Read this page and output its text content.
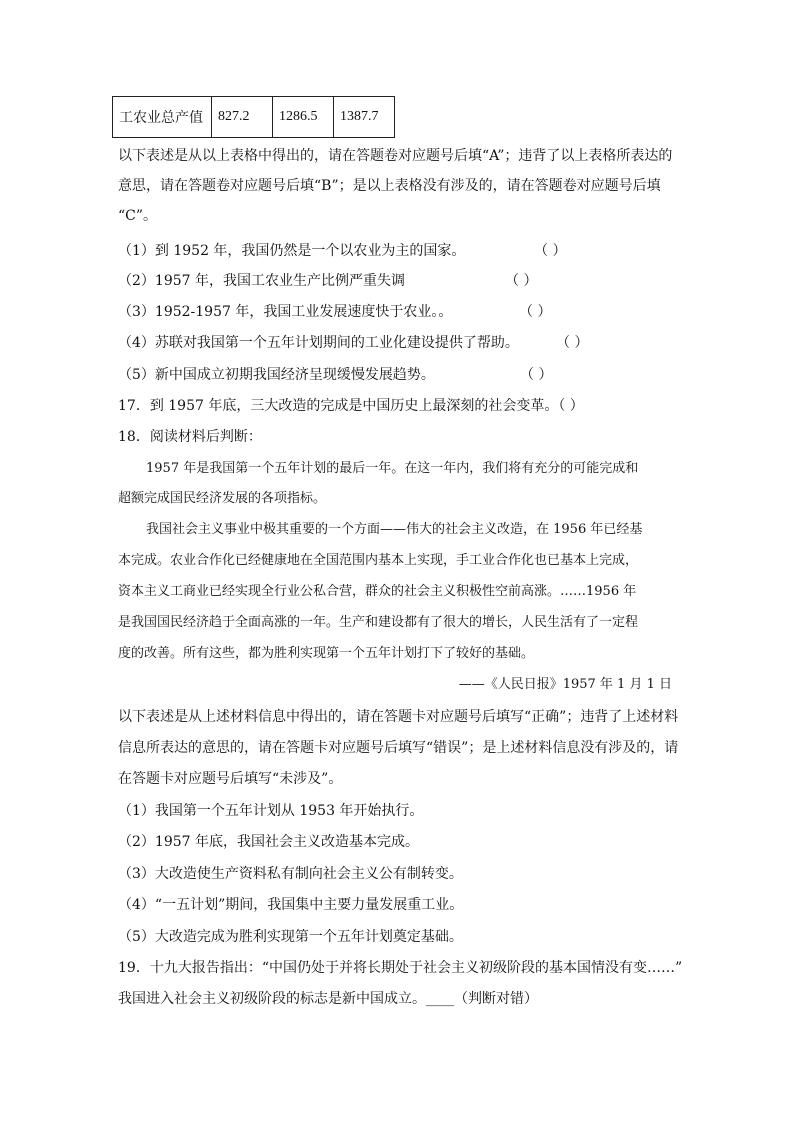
工农业总产值	827.2	1286.5	1387.7
以下表述是从以上表格中得出的，请在答题卷对应题号后填“A”；违背了以上表格所表达的
意思，请在答题卷对应题号后填“B”；是以上表格没有涉及的，请在答题卷对应题号后填
“C”。
（1）到 1952 年，我国仍然是一个以农业为主的国家。	（ ）
（2）1957 年，我国工农业生产比例严重失调	（ ）
（3）1952-1957 年，我国工业发展速度快于农业。。	（ ）
（4）苏联对我国第一个五年计划期间的工业化建设提供了帮助。	（ ）
（5）新中国成立初期我国经济呈现缓慢发展趋势。	（ ）
17．到 1957 年底，三大改造的完成是中国历史上最深刻的社会变革。（ ）
18．阅读材料后判断：
1957 年是我国第一个五年计划的最后一年。在这一年内，我们将有充分的可能完成和
超额完成国民经济发展的各项指标。
我国社会主义事业中极其重要的一个方面——伟大的社会主义改造，在 1956 年已经基
本完成。农业合作化已经健康地在全国范围内基本上实现，手工业合作化也已基本上完成，
资本主义工商业已经实现全行业公私合营，群众的社会主义积极性空前高涨。……1956 年
是我国国民经济趋于全面高涨的一年。生产和建设都有了很大的增长，人民生活有了一定程
度的改善。所有这些，都为胜利实现第一个五年计划打下了较好的基础。
——《人民日报》1957 年 1 月 1 日
以下表述是从上述材料信息中得出的，请在答题卡对应题号后填写“正确”；违背了上述材料
信息所表达的意思的，请在答题卡对应题号后填写“错误”；是上述材料信息没有涉及的，请
在答题卡对应题号后填写“未涉及”。
（1）我国第一个五年计划从 1953 年开始执行。
（2）1957 年底，我国社会主义改造基本完成。
（3）大改造使生产资料私有制向社会主义公有制转变。
（4）“一五计划”期间，我国集中主要力量发展重工业。
（5）大改造完成为胜利实现第一个五年计划奠定基础。
19．十九大报告指出：“中国仍处于并将长期处于社会主义初级阶段的基本国情没有变……”
我国进入社会主义初级阶段的标志是新中国成立。____（判断对错）
